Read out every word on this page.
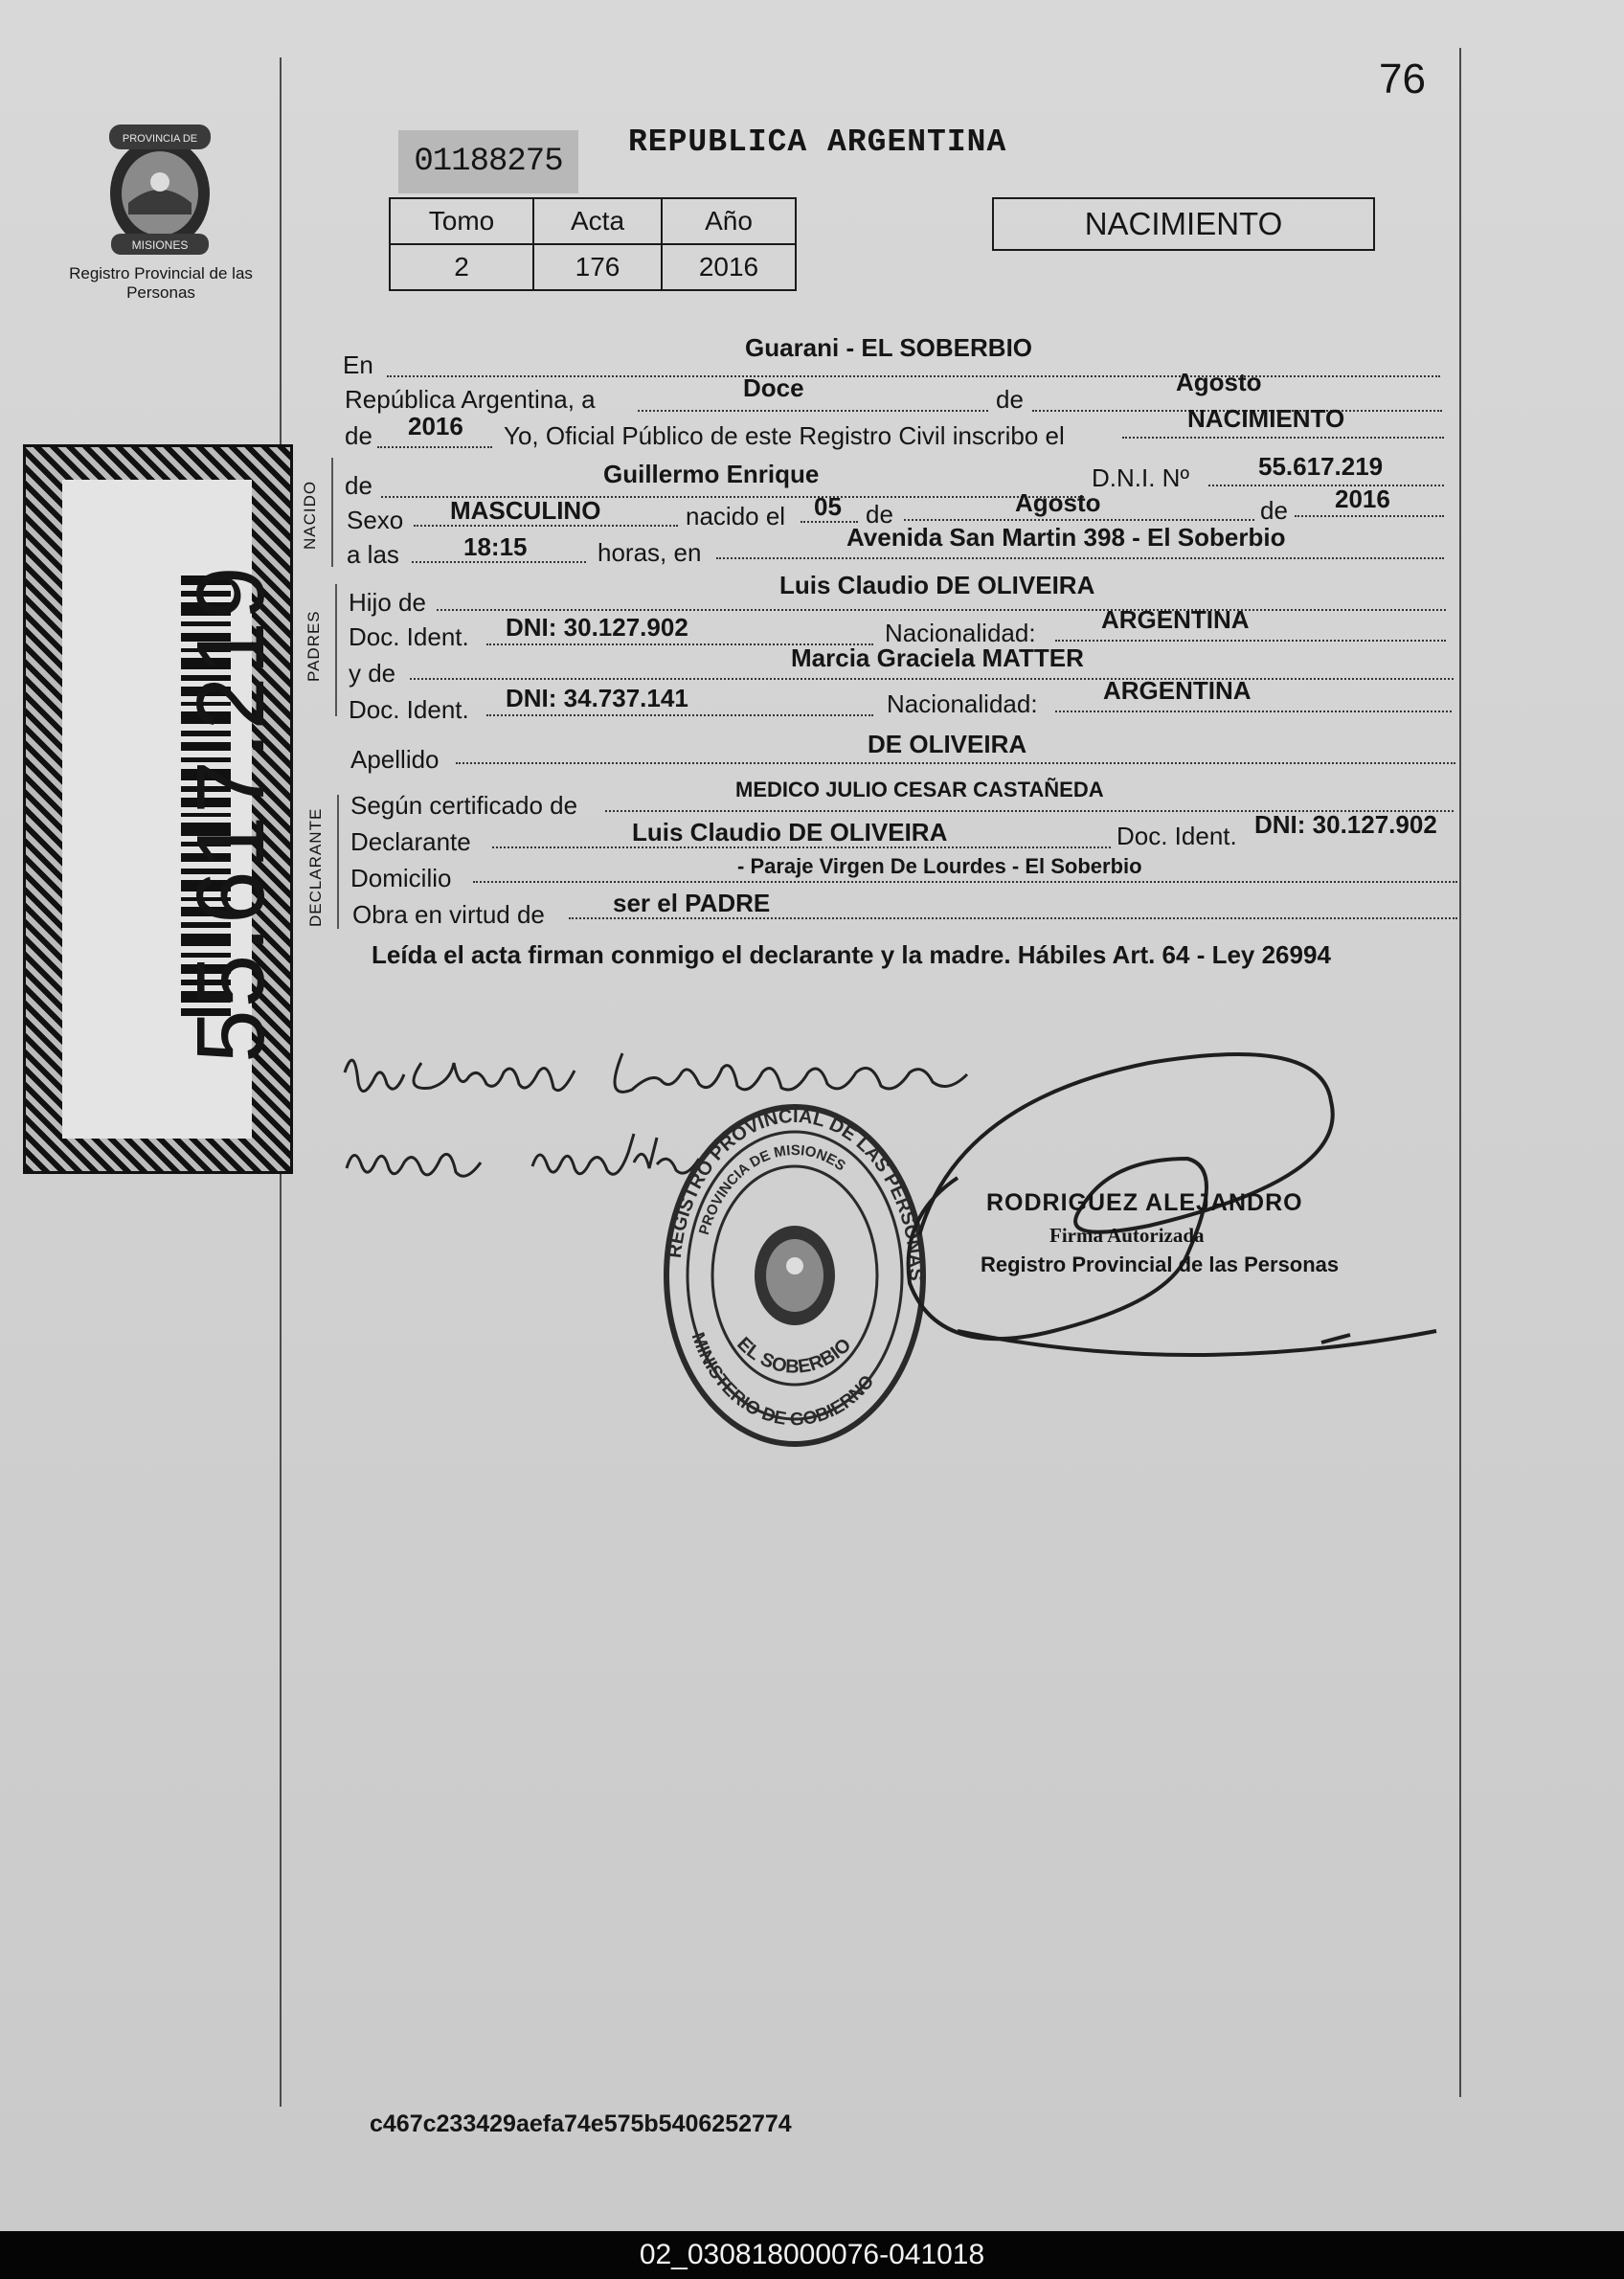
PROVINCIA DE
MISIONES
Registro Provincial de las Personas
55.617.219
76
01188275
REPUBLICA ARGENTINA
Tomo	Acta	Año
2	176	2016
NACIMIENTO
En
Guarani - EL SOBERBIO
República Argentina, a	Doce	de
Agosto
de 2016 Yo, Oficial Público de este Registro Civil inscribo el
NACIMIENTO
NACIDO de	Guillermo Enrique	D.N.I. Nº	55.617.219
Sexo MASCULINO	nacido el 05 de	Agosto	de 2016
a las	18:15	horas, en
Avenida San Martin 398 - El Soberbio
PADRES
Hijo de
Luis Claudio DE OLIVEIRA
Doc. Ident. DNI: 30.127.902	Nacionalidad:	ARGENTINA
y de
Marcia Graciela MATTER
Doc. Ident. DNI: 34.737.141	Nacionalidad:	ARGENTINA
Apellido
DE OLIVEIRA
DECLARANTE
Según certificado de
MEDICO JULIO CESAR CASTAÑEDA
Declarante	Luis Claudio DE OLIVEIRA	Doc. Ident. DNI: 30.127.902
Domicilio	- Paraje Virgen De Lourdes - El Soberbio
Obra en virtud de	ser el PADRE
Leída el acta firman conmigo el declarante y la madre. Hábiles Art. 64 - Ley 26994
REGISTRO PROVINCIAL DE LAS PERSONAS
PROVINCIA DE MISIONES
EL SOBERBIO
MINISTERIO DE GOBIERNO
RODRIGUEZ ALEJANDRO
Firma Autorizada
Registro Provincial de las Personas
c467c233429aefa74e575b5406252774
02_030818000076-041018
